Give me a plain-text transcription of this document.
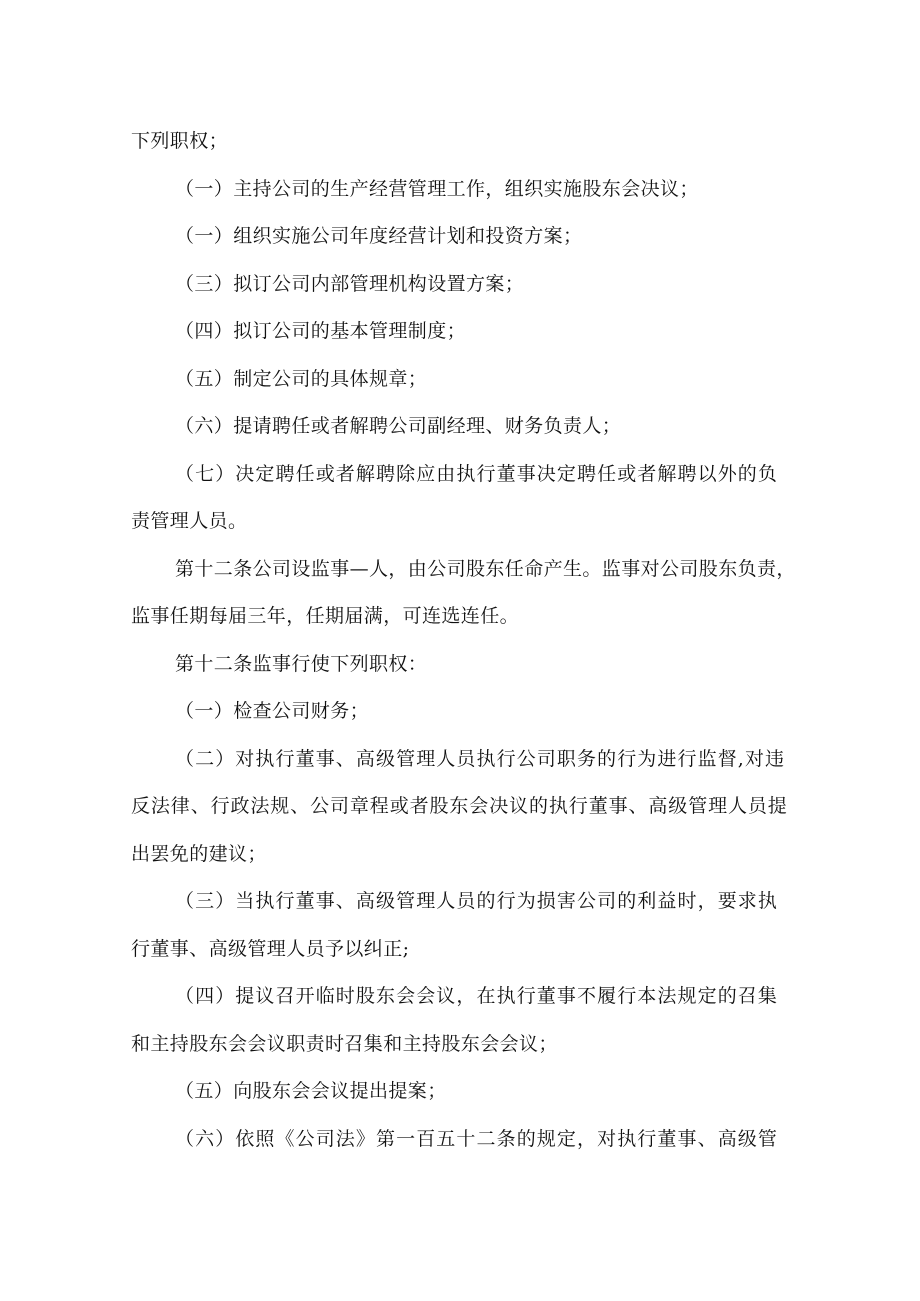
下列职权；
（一）主持公司的生产经营管理工作，组织实施股东会决议；
（一）组织实施公司年度经营计划和投资方案；
（三）拟订公司内部管理机构设置方案；
（四）拟订公司的基本管理制度；
（五）制定公司的具体规章；
（六）提请聘任或者解聘公司副经理、财务负责人；
（七）决定聘任或者解聘除应由执行董事决定聘任或者解聘以外的负
责管理人员。
第十二条公司设监事—人，由公司股东任命产生。监事对公司股东负责，
监事任期每届三年，任期届满，可连选连任。
第十二条监事行使下列职权：
（一）检查公司财务；
（二）对执行董事、高级管理人员执行公司职务的行为进行监督,对违
反法律、行政法规、公司章程或者股东会决议的执行董事、高级管理人员提
出罢免的建议；
（三）当执行董事、高级管理人员的行为损害公司的利益时，要求执
行董事、高级管理人员予以纠正;
（四）提议召开临时股东会会议，在执行董事不履行本法规定的召集
和主持股东会会议职责时召集和主持股东会会议；
（五）向股东会会议提出提案；
（六）依照《公司法》第一百五十二条的规定，对执行董事、高级管
